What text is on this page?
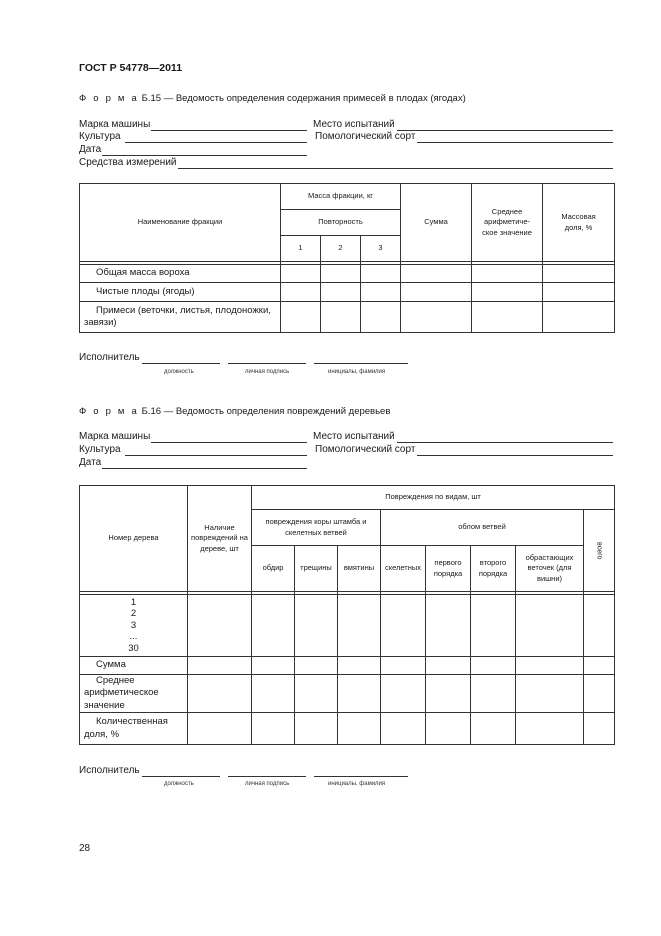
ГОСТ Р 54778—2011
Ф о р м а Б.15 — Ведомость определения содержания примесей в плодах (ягодах)
Марка машины	Место испытаний
Культура	Помологический сорт
Дата
Средства измерений
Наименование фракции	Масса фракции, кг			Сумма	Среднее арифметиче-ское значение	Массовая доля, %
	Повторность					
	1	2	3			

Общая масса вороха						
Чистые плоды (ягоды)						
Примеси (веточки, листья, плодоножки, завязи)						
Исполнитель
должность	личная подпись	инициалы, фамилия
Ф о р м а Б.16 — Ведомость определения повреждений деревьев
Марка машины	Место испытаний
Культура	Помологический сорт
Дата
Номер дерева	Наличие повреждений на дереве, шт	Повреждения по видам, шт							
		повреждения коры штамба и скелетных ветвей			облом ветвей				всего
		обдир	трещины	вмятины	скелетных	первого порядка	второго порядка	обрастающих веточек (для вишни)	

1
2
3
...
30									

Сумма									
Среднее арифметическое значение									
Количественная доля, %									
Исполнитель
должность	личная подпись	инициалы, фамилия
28
